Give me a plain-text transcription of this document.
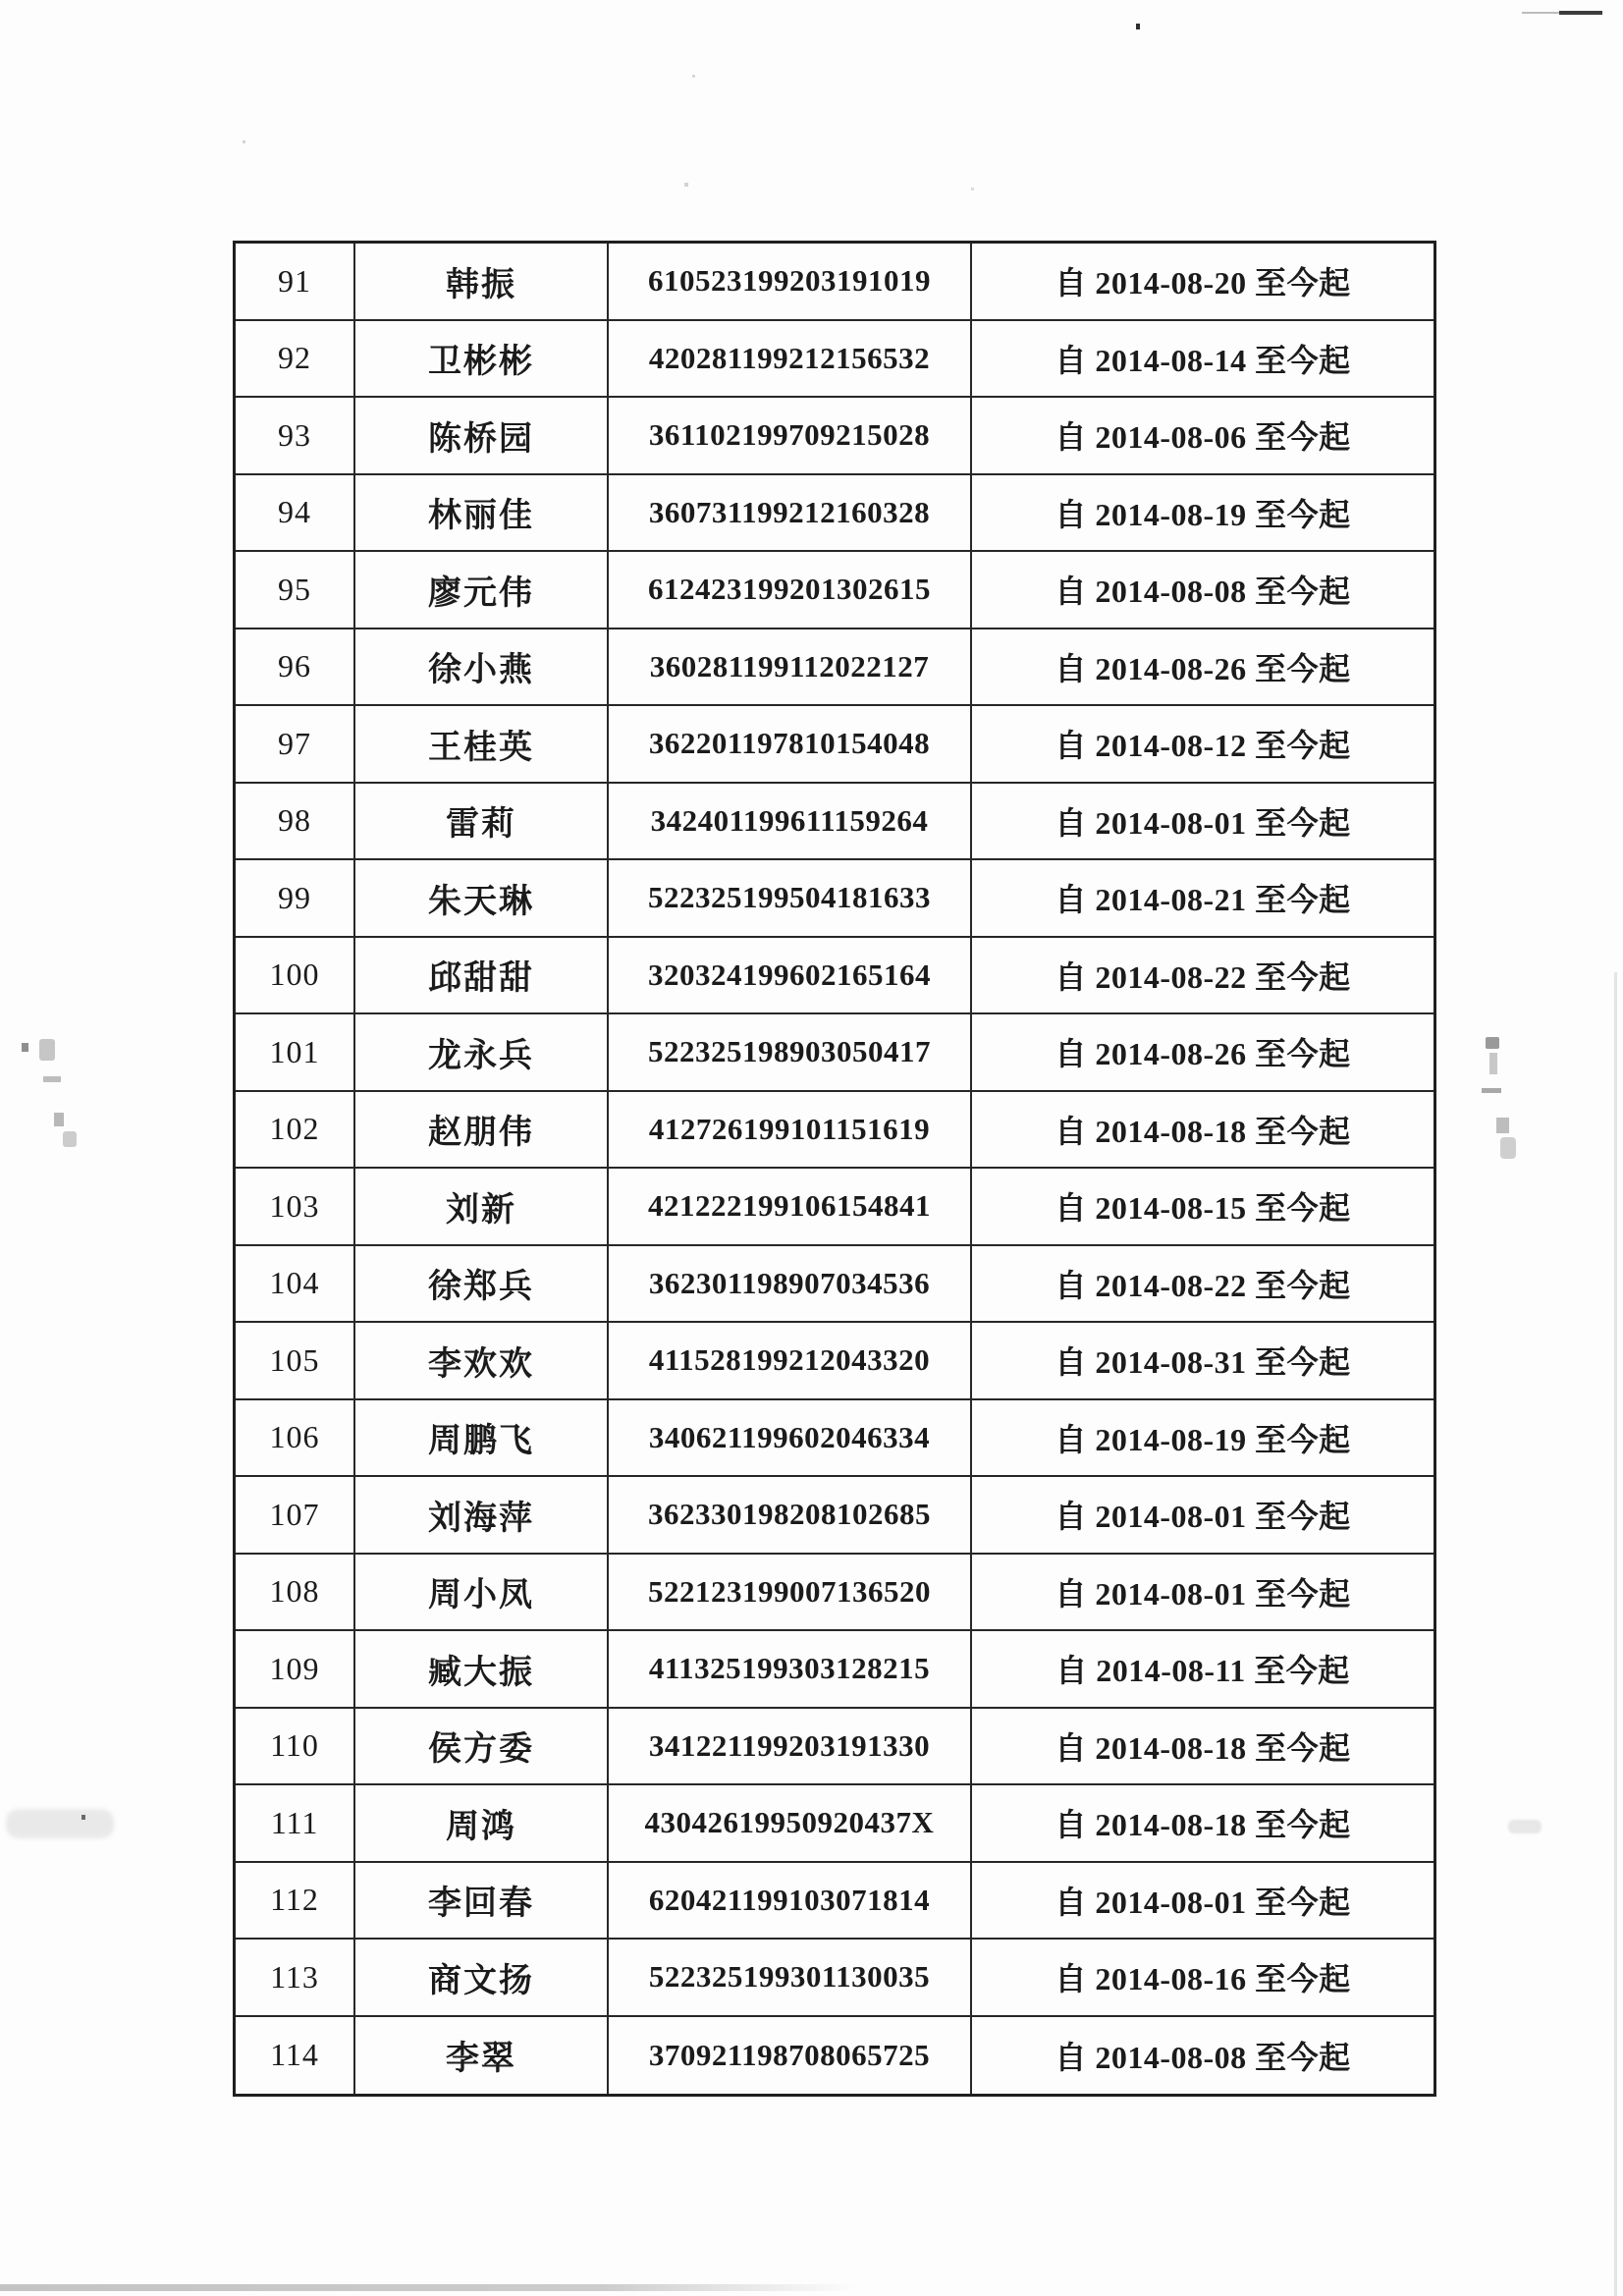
91	韩振	610523199203191019	自 2014-08-20 至今起
92	卫彬彬	420281199212156532	自 2014-08-14 至今起
93	陈桥园	361102199709215028	自 2014-08-06 至今起
94	林丽佳	360731199212160328	自 2014-08-19 至今起
95	廖元伟	612423199201302615	自 2014-08-08 至今起
96	徐小燕	360281199112022127	自 2014-08-26 至今起
97	王桂英	362201197810154048	自 2014-08-12 至今起
98	雷莉	342401199611159264	自 2014-08-01 至今起
99	朱天琳	522325199504181633	自 2014-08-21 至今起
100	邱甜甜	320324199602165164	自 2014-08-22 至今起
101	龙永兵	522325198903050417	自 2014-08-26 至今起
102	赵朋伟	412726199101151619	自 2014-08-18 至今起
103	刘新	421222199106154841	自 2014-08-15 至今起
104	徐郑兵	362301198907034536	自 2014-08-22 至今起
105	李欢欢	411528199212043320	自 2014-08-31 至今起
106	周鹏飞	340621199602046334	自 2014-08-19 至今起
107	刘海萍	362330198208102685	自 2014-08-01 至今起
108	周小凤	522123199007136520	自 2014-08-01 至今起
109	臧大振	411325199303128215	自 2014-08-11 至今起
110	侯方委	341221199203191330	自 2014-08-18 至今起
111	周鸿	43042619950920437X	自 2014-08-18 至今起
112	李回春	620421199103071814	自 2014-08-01 至今起
113	商文扬	522325199301130035	自 2014-08-16 至今起
114	李翠	370921198708065725	自 2014-08-08 至今起
